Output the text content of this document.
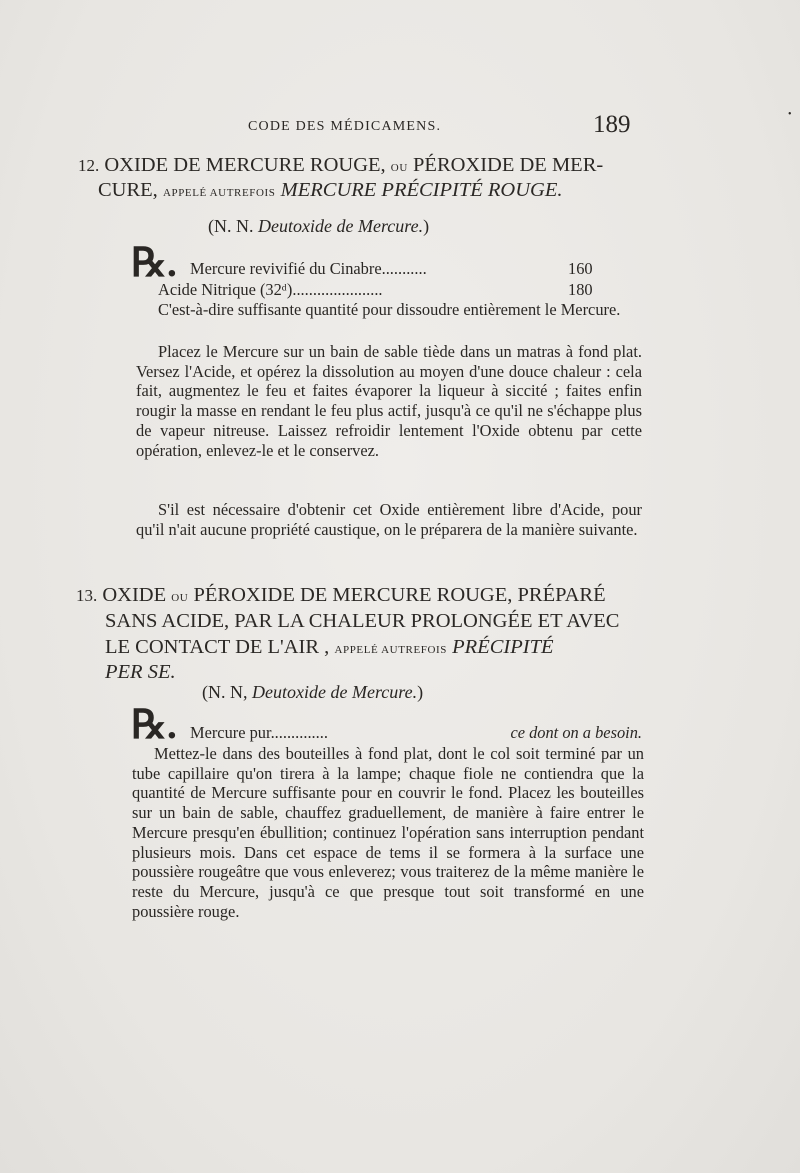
CODE DES MÉDICAMENS.	189	•

12. OXIDE DE MERCURE ROUGE, OU PÉROXIDE DE MER-

CURE, APPELÉ AUTREFOIS MERCURE PRÉCIPITÉ ROUGE.

(N. N. Deutoxide de Mercure.)

℞. Mercure revivifié du Cinabre...........	160
Acide Nitrique (32ᵈ)......................	180

C'est-à-dire suffisante quantité pour dissoudre entièrement le Mercure.

Placez le Mercure sur un bain de sable tiède dans un matras à fond plat. Versez l'Acide, et opérez la dissolution au moyen d'une douce chaleur : cela fait, augmentez le feu et faites évaporer la liqueur à siccité ; faites enfin rougir la masse en rendant le feu plus actif, jusqu'à ce qu'il ne s'échappe plus de vapeur nitreuse. Laissez refroidir lentement l'Oxide obtenu par cette opération, enlevez-le et le conservez.

S'il est nécessaire d'obtenir cet Oxide entièrement libre d'Acide, pour qu'il n'ait aucune propriété caustique, on le préparera de la manière suivante.

13. OXIDE OU PÉROXIDE DE MERCURE ROUGE, PRÉPARÉ

SANS ACIDE, PAR LA CHALEUR PROLONGÉE ET AVEC

LE CONTACT DE L'AIR , APPELÉ AUTREFOIS PRÉCIPITÉ

PER SE.

(N. N, Deutoxide de Mercure.)

℞. Mercure pur..............	ce dont on a besoin.

Mettez-le dans des bouteilles à fond plat, dont le col soit terminé par un tube capillaire qu'on tirera à la lampe; chaque fiole ne contiendra que la quantité de Mercure suffisante pour en couvrir le fond. Placez les bouteilles sur un bain de sable, chauffez graduellement, de manière à faire entrer le Mercure presqu'en ébullition; continuez l'opération sans interruption pendant plusieurs mois. Dans cet espace de tems il se formera à la surface une poussière rougeâtre que vous enleverez; vous traiterez de la même manière le reste du Mercure, jusqu'à ce que presque tout soit transformé en une poussière rouge.
